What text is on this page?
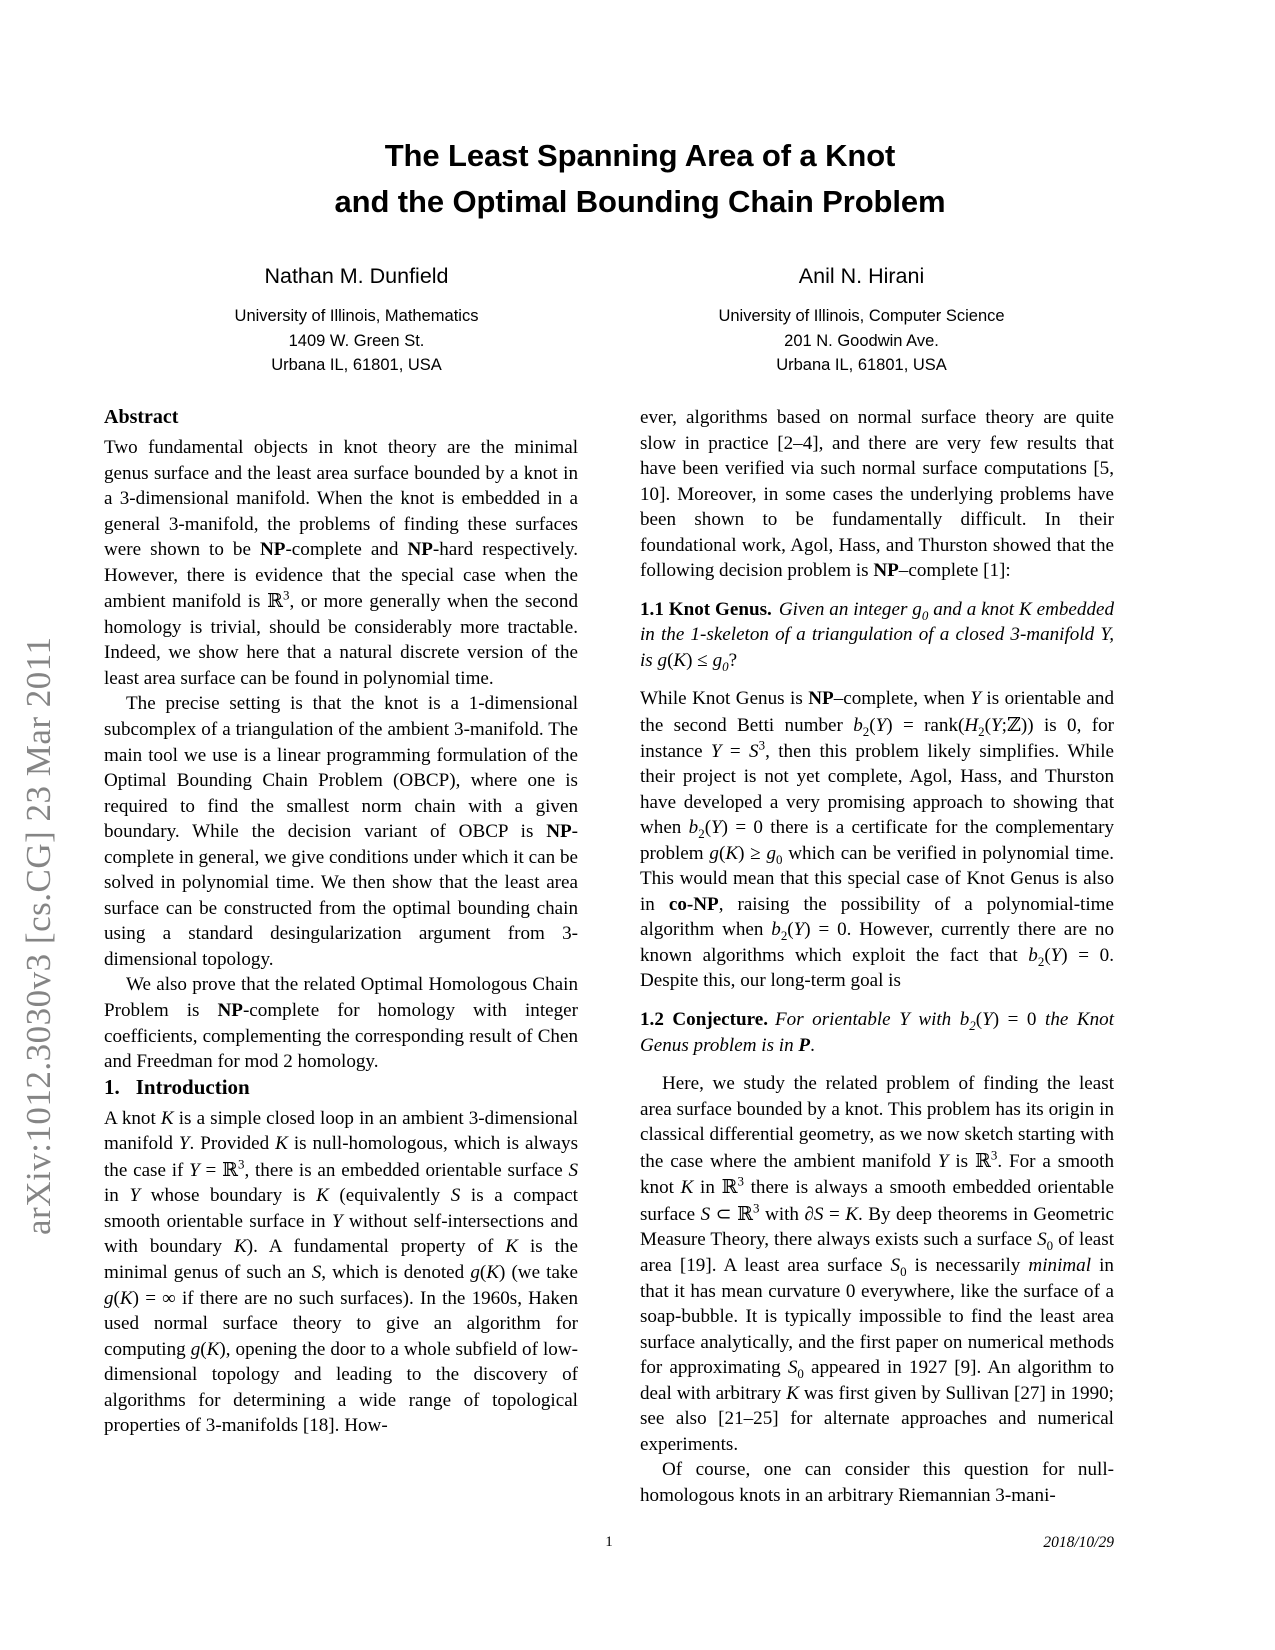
arXiv:1012.3030v3 [cs.CG] 23 Mar 2011
The Least Spanning Area of a Knot
and the Optimal Bounding Chain Problem
Nathan M. Dunfield
University of Illinois, Mathematics
1409 W. Green St.
Urbana IL, 61801, USA
Anil N. Hirani
University of Illinois, Computer Science
201 N. Goodwin Ave.
Urbana IL, 61801, USA
Abstract

Two fundamental objects in knot theory are the minimal genus surface and the least area surface bounded by a knot in a 3-dimensional manifold. When the knot is embedded in a general 3-manifold, the problems of finding these surfaces were shown to be NP-complete and NP-hard respectively. However, there is evidence that the special case when the ambient manifold is ℝ$^3$, or more generally when the second homology is trivial, should be considerably more tractable. Indeed, we show here that a natural discrete version of the least area surface can be found in polynomial time.

The precise setting is that the knot is a 1-dimensional subcomplex of a triangulation of the ambient 3-manifold. The main tool we use is a linear programming formulation of the Optimal Bounding Chain Problem (OBCP), where one is required to find the smallest norm chain with a given boundary. While the decision variant of OBCP is NP-complete in general, we give conditions under which it can be solved in polynomial time. We then show that the least area surface can be constructed from the optimal bounding chain using a standard desingularization argument from 3-dimensional topology.

We also prove that the related Optimal Homologous Chain Problem is NP-complete for homology with integer coefficients, complementing the corresponding result of Chen and Freedman for mod 2 homology.

1. Introduction

A knot K is a simple closed loop in an ambient 3-dimensional manifold Y. Provided K is null-homologous, which is always the case if Y = ℝ$^3$, there is an embedded orientable surface S in Y whose boundary is K (equivalently S is a compact smooth orientable surface in Y without self-intersections and with boundary K). A fundamental property of K is the minimal genus of such an S, which is denoted g(K) (we take g(K) = ∞ if there are no such surfaces). In the 1960s, Haken used normal surface theory to give an algorithm for computing g(K), opening the door to a whole subfield of low-dimensional topology and leading to the discovery of algorithms for determining a wide range of topological properties of 3-manifolds [18]. How-

ever, algorithms based on normal surface theory are quite slow in practice [2–4], and there are very few results that have been verified via such normal surface computations [5, 10]. Moreover, in some cases the underlying problems have been shown to be fundamentally difficult. In their foundational work, Agol, Hass, and Thurston showed that the following decision problem is NP–complete [1]:

1.1 Knot Genus. Given an integer $g_0$ and a knot K embedded in the 1-skeleton of a triangulation of a closed 3-manifold Y, is $g(K) \le g_0$?

While Knot Genus is NP–complete, when Y is orientable and the second Betti number $b_2(Y)$ = $rank(H_2(Y;ℤ))$ is 0, for instance $Y = S^3$, then this problem likely simplifies. While their project is not yet complete, Agol, Hass, and Thurston have developed a very promising approach to showing that when $b_2(Y) = 0$ there is a certificate for the complementary problem $g(K) \ge g_0$ which can be verified in polynomial time. This would mean that this special case of Knot Genus is also in co-NP, raising the possibility of a polynomial-time algorithm when $b_2(Y) = 0$. However, currently there are no known algorithms which exploit the fact that $b_2(Y) = 0$. Despite this, our long-term goal is

1.2 Conjecture. For orientable Y with $b_2(Y) = 0$ the Knot Genus problem is in P.

Here, we study the related problem of finding the least area surface bounded by a knot. This problem has its origin in classical differential geometry, as we now sketch starting with the case where the ambient manifold Y is ℝ$^3$. For a smooth knot K in ℝ$^3$ there is always a smooth embedded orientable surface S ⊂ ℝ$^3$ with ∂S = K. By deep theorems in Geometric Measure Theory, there always exists such a surface $S_0$ of least area [19]. A least area surface $S_0$ is necessarily minimal in that it has mean curvature 0 everywhere, like the surface of a soap-bubble. It is typically impossible to find the least area surface analytically, and the first paper on numerical methods for approximating $S_0$ appeared in 1927 [9]. An algorithm to deal with arbitrary K was first given by Sullivan [27] in 1990; see also [21–25] for alternate approaches and numerical experiments.

Of course, one can consider this question for null-homologous knots in an arbitrary Riemannian 3-mani-

1	2018/10/29
